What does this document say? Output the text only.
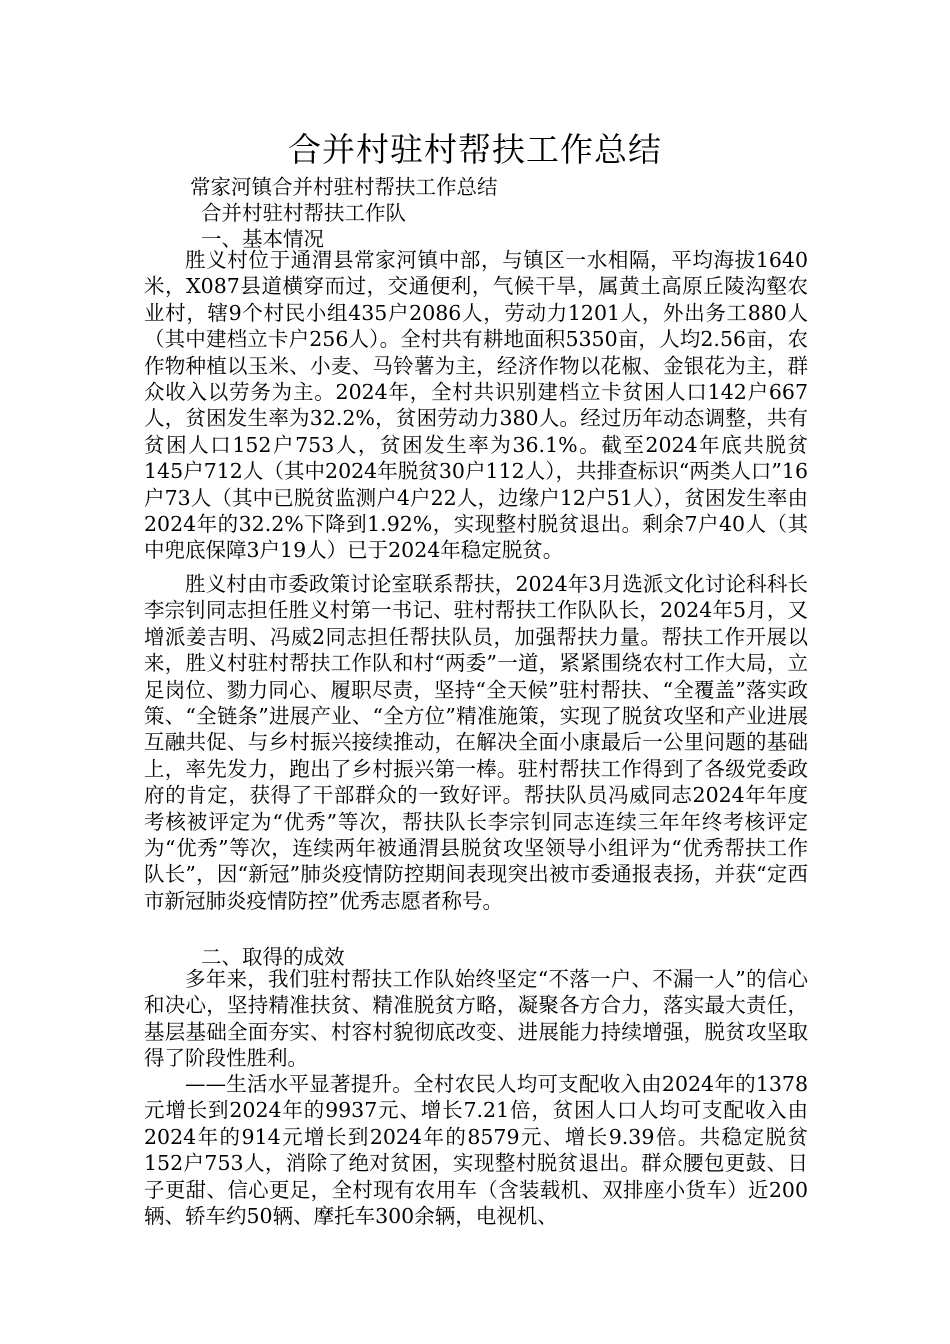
合并村驻村帮扶工作总结

常家河镇合并村驻村帮扶工作总结

合并村驻村帮扶工作队

一、基本情况

胜义村位于通渭县常家河镇中部，与镇区一水相隔，平均海拔1640米，X087县道横穿而过，交通便利，气候干旱，属黄土高原丘陵沟壑农业村，辖9个村民小组435户2086人，劳动力1201人，外出务工880人（其中建档立卡户256人）。全村共有耕地面积5350亩，人均2.56亩，农作物种植以玉米、小麦、马铃薯为主，经济作物以花椒、金银花为主，群众收入以劳务为主。2024年，全村共识别建档立卡贫困人口142户667人，贫困发生率为32.2%，贫困劳动力380人。经过历年动态调整，共有贫困人口152户753人，贫困发生率为36.1%。截至2024年底共脱贫145户712人（其中2024年脱贫30户112人），共排查标识“两类人口”16户73人（其中已脱贫监测户4户22人，边缘户12户51人），贫困发生率由2024年的32.2%下降到1.92%，实现整村脱贫退出。剩余7户40人（其中兜底保障3户19人）已于2024年稳定脱贫。

胜义村由市委政策讨论室联系帮扶，2024年3月选派文化讨论科科长李宗钊同志担任胜义村第一书记、驻村帮扶工作队队长，2024年5月，又增派姜吉明、冯威2同志担任帮扶队员，加强帮扶力量。帮扶工作开展以来，胜义村驻村帮扶工作队和村“两委”一道，紧紧围绕农村工作大局，立足岗位、勠力同心、履职尽责，坚持“全天候”驻村帮扶、“全覆盖”落实政策、“全链条”进展产业、“全方位”精准施策，实现了脱贫攻坚和产业进展互融共促、与乡村振兴接续推动，在解决全面小康最后一公里问题的基础上，率先发力，跑出了乡村振兴第一棒。驻村帮扶工作得到了各级党委政府的肯定，获得了干部群众的一致好评。帮扶队员冯威同志2024年年度考核被评定为“优秀”等次，帮扶队长李宗钊同志连续三年年终考核评定为“优秀”等次，连续两年被通渭县脱贫攻坚领导小组评为“优秀帮扶工作队长”，因“新冠”肺炎疫情防控期间表现突出被市委通报表扬，并获“定西市新冠肺炎疫情防控”优秀志愿者称号。

二、取得的成效

多年来，我们驻村帮扶工作队始终坚定“不落一户、不漏一人”的信心和决心，坚持精准扶贫、精准脱贫方略，凝聚各方合力，落实最大责任，基层基础全面夯实、村容村貌彻底改变、进展能力持续增强，脱贫攻坚取得了阶段性胜利。

——生活水平显著提升。全村农民人均可支配收入由2024年的1378元增长到2024年的9937元、增长7.21倍，贫困人口人均可支配收入由2024年的914元增长到2024年的8579元、增长9.39倍。共稳定脱贫152户753人，消除了绝对贫困，实现整村脱贫退出。群众腰包更鼓、日子更甜、信心更足，全村现有农用车（含装载机、双排座小货车）近200辆、轿车约50辆、摩托车300余辆，电视机、
